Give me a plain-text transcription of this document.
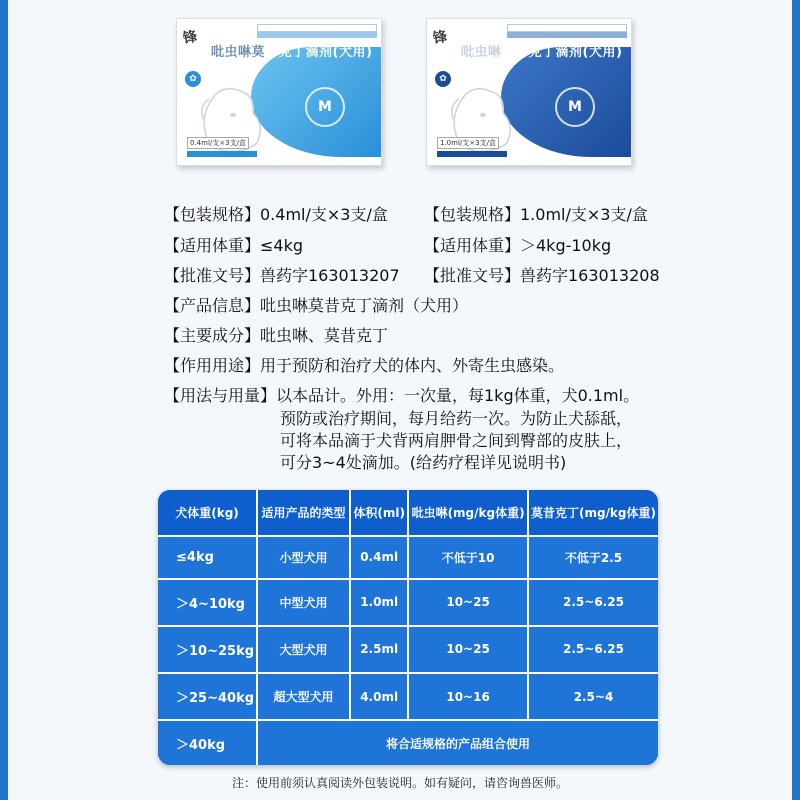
锋
吡虫啉莫昔克丁滴剂(犬用)
✿
M
0.4ml/支×3支/盒
锋
吡虫啉莫昔克丁滴剂(犬用)
✿
M
1.0ml/支×3支/盒
【包装规格】0.4ml/支×3支/盒 【包装规格】1.0ml/支×3支/盒
【适用体重】≤4kg	【适用体重】＞4kg-10kg
【批准文号】兽药字163013207 【批准文号】兽药字163013208
【产品信息】吡虫啉莫昔克丁滴剂（犬用）
【主要成分】吡虫啉、莫昔克丁
【作用用途】用于预防和治疗犬的体内、外寄生虫感染。
【用法与用量】以本品计。外用：一次量，每1kg体重，犬0.1ml。
预防或治疗期间，每月给药一次。为防止犬舔舐，
可将本品滴于犬背两肩胛骨之间到臀部的皮肤上，
可分3~4处滴加。(给药疗程详见说明书)
犬体重(kg)	适用产品的类型	体积(ml)	吡虫啉(mg/kg体重)	莫昔克丁(mg/kg体重)
≤4kg	小型犬用	0.4ml	不低于10	不低于2.5
＞4~10kg	中型犬用	1.0ml	10~25	2.5~6.25
＞10~25kg	大型犬用	2.5ml	10~25	2.5~6.25
＞25~40kg	超大型犬用	4.0ml	10~16	2.5~4
＞40kg	将合适规格的产品组合使用			
注：使用前须认真阅读外包装说明。如有疑问，请咨询兽医师。
